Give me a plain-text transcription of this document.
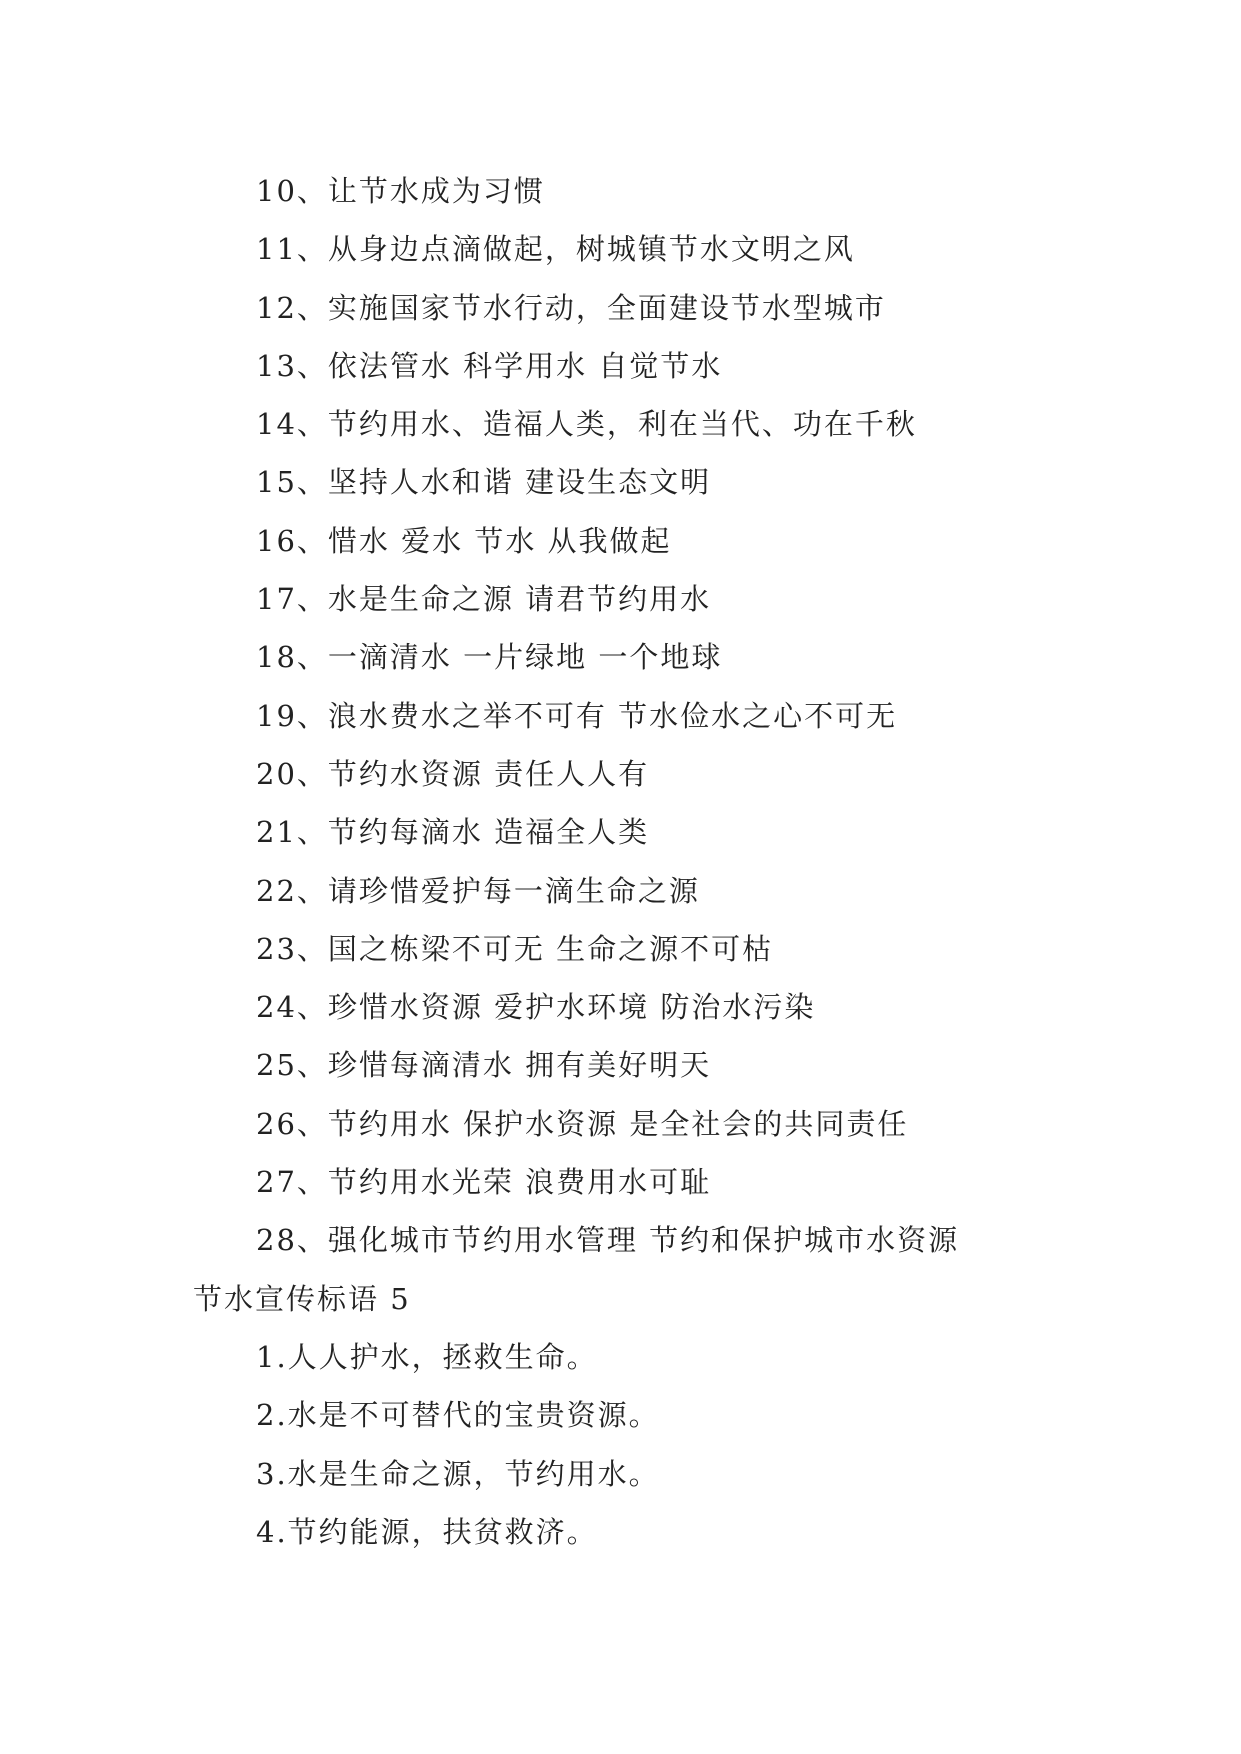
10、让节水成为习惯
11、从身边点滴做起，树城镇节水文明之风
12、实施国家节水行动，全面建设节水型城市
13、依法管水 科学用水 自觉节水
14、节约用水、造福人类，利在当代、功在千秋
15、坚持人水和谐 建设生态文明
16、惜水 爱水 节水 从我做起
17、水是生命之源 请君节约用水
18、一滴清水 一片绿地 一个地球
19、浪水费水之举不可有 节水俭水之心不可无
20、节约水资源 责任人人有
21、节约每滴水 造福全人类
22、请珍惜爱护每一滴生命之源
23、国之栋梁不可无 生命之源不可枯
24、珍惜水资源 爱护水环境 防治水污染
25、珍惜每滴清水 拥有美好明天
26、节约用水 保护水资源 是全社会的共同责任
27、节约用水光荣 浪费用水可耻
28、强化城市节约用水管理 节约和保护城市水资源
节水宣传标语 5
1.人人护水，拯救生命。
2.水是不可替代的宝贵资源。
3.水是生命之源，节约用水。
4.节约能源，扶贫救济。
